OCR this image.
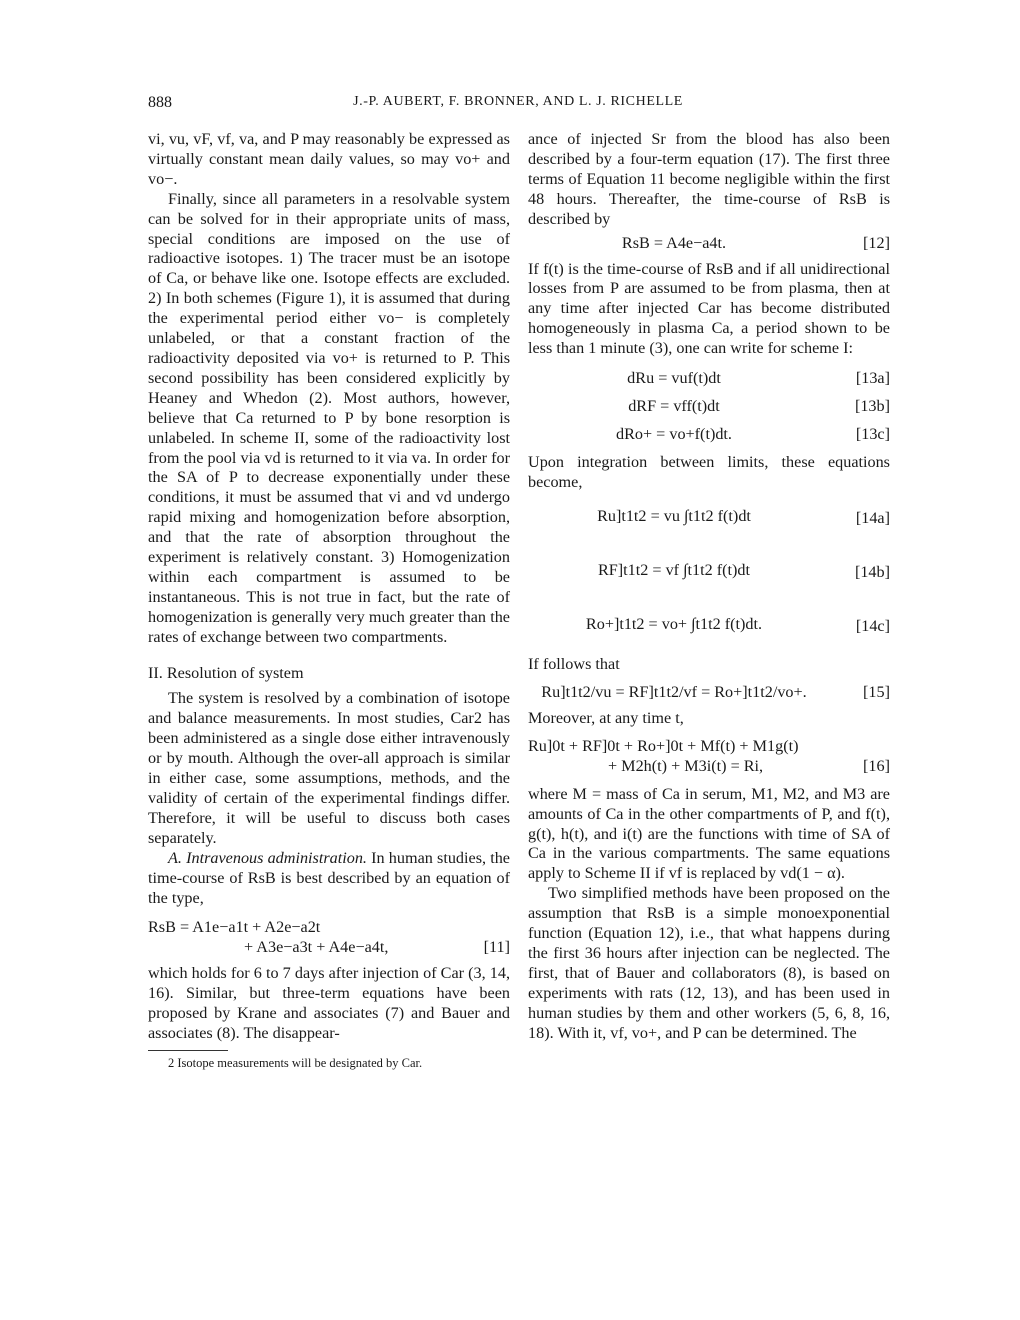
888	J.-P. AUBERT, F. BRONNER, AND L. J. RICHELLE

vi, vu, vF, vf, va, and P may reasonably be expressed as virtually constant mean daily values, so may vo+ and vo−.

Finally, since all parameters in a resolvable system can be solved for in their appropriate units of mass, special conditions are imposed on the use of radioactive isotopes. 1) The tracer must be an isotope of Ca, or behave like one. Isotope effects are excluded. 2) In both schemes (Figure 1), it is assumed that during the experimental period either vo− is completely unlabeled, or that a constant fraction of the radioactivity deposited via vo+ is returned to P. This second possibility has been considered explicitly by Heaney and Whedon (2). Most authors, however, believe that Ca returned to P by bone resorption is unlabeled. In scheme II, some of the radioactivity lost from the pool via vd is returned to it via va. In order for the SA of P to decrease exponentially under these conditions, it must be assumed that vi and vd undergo rapid mixing and homogenization before absorption, and that the rate of absorption throughout the experiment is relatively constant. 3) Homogenization within each compartment is assumed to be instantaneous. This is not true in fact, but the rate of homogenization is generally very much greater than the rates of exchange between two compartments.

II. Resolution of system

The system is resolved by a combination of isotope and balance measurements. In most studies, Car2 has been administered as a single dose either intravenously or by mouth. Although the over-all approach is similar in either case, some assumptions, methods, and the validity of certain of the experimental findings differ. Therefore, it will be useful to discuss both cases separately.

A. Intravenous administration. In human studies, the time-course of RsB is best described by an equation of the type,

RsB = A1e−a1t + A2e−a2t
+ A3e−a3t + A4e−a4t,	[11]

which holds for 6 to 7 days after injection of Car (3, 14, 16). Similar, but three-term equations have been proposed by Krane and associates (7) and Bauer and associates (8). The disappear-

2 Isotope measurements will be designated by Car.

ance of injected Sr from the blood has also been described by a four-term equation (17). The first three terms of Equation 11 become negligible within the first 48 hours. Thereafter, the time-course of RsB is described by

RsB = A4e−a4t.	[12]

If f(t) is the time-course of RsB and if all unidirectional losses from P are assumed to be from plasma, then at any time after injected Car has become distributed homogeneously in plasma Ca, a period shown to be less than 1 minute (3), one can write for scheme I:

dRu = vuf(t)dt	[13a]
dRF = vff(t)dt	[13b]
dRo+ = vo+f(t)dt.	[13c]

Upon integration between limits, these equations become,

Ru]t1t2 = vu ∫t1t2 f(t)dt	[14a]
RF]t1t2 = vf ∫t1t2 f(t)dt	[14b]
Ro+]t1t2 = vo+ ∫t1t2 f(t)dt.	[14c]

If follows that

Ru]t1t2/vu = RF]t1t2/vf = Ro+]t1t2/vo+.	[15]

Moreover, at any time t,

Ru]0t + RF]0t + Ro+]0t + Mf(t) + M1g(t)
+ M2h(t) + M3i(t) = Ri,	[16]

where M = mass of Ca in serum, M1, M2, and M3 are amounts of Ca in the other compartments of P, and f(t), g(t), h(t), and i(t) are the functions with time of SA of Ca in the various compartments. The same equations apply to Scheme II if vf is replaced by vd(1 − α).

Two simplified methods have been proposed on the assumption that RsB is a simple monoexponential function (Equation 12), i.e., that what happens during the first 36 hours after injection can be neglected. The first, that of Bauer and collaborators (8), is based on experiments with rats (12, 13), and has been used in human studies by them and other workers (5, 6, 8, 16, 18). With it, vf, vo+, and P can be determined. The
